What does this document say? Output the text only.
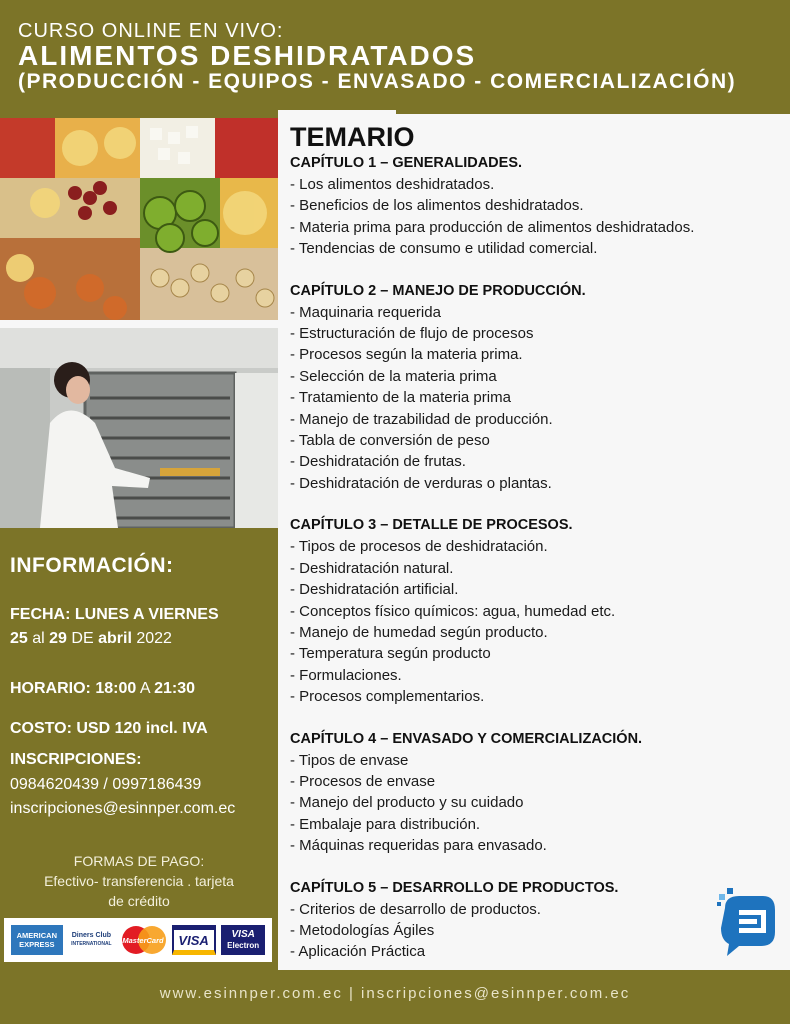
CURSO ONLINE EN VIVO:
ALIMENTOS DESHIDRATADOS
(PRODUCCIÓN - EQUIPOS - ENVASADO - COMERCIALIZACIÓN)
TEMARIO
CAPÍTULO 1 – GENERALIDADES.
- Los alimentos deshidratados.
- Beneficios de los alimentos deshidratados.
- Materia prima para producción de alimentos deshidratados.
- Tendencias de consumo e utilidad comercial.
CAPÍTULO 2 – MANEJO DE PRODUCCIÓN.
- Maquinaria requerida
- Estructuración de flujo de procesos
- Procesos según la materia prima.
- Selección de la materia prima
- Tratamiento de la materia prima
- Manejo de trazabilidad de producción.
- Tabla de conversión de peso
- Deshidratación de frutas.
- Deshidratación de verduras o plantas.
CAPÍTULO 3 – DETALLE DE PROCESOS.
- Tipos de procesos de deshidratación.
- Deshidratación natural.
- Deshidratación artificial.
- Conceptos físico químicos: agua, humedad etc.
- Manejo de humedad según producto.
- Temperatura según producto
- Formulaciones.
- Procesos complementarios.
CAPÍTULO 4 – ENVASADO Y COMERCIALIZACIÓN.
- Tipos de envase
- Procesos de envase
- Manejo del producto y su cuidado
- Embalaje para distribución.
- Máquinas requeridas para envasado.
CAPÍTULO 5 – DESARROLLO DE PRODUCTOS.
- Criterios de desarrollo de productos.
- Metodologías Ágiles
- Aplicación Práctica
INFORMACIÓN:
FECHA: LUNES A VIERNES
25 al 29 DE abril 2022
HORARIO: 18:00 A 21:30
COSTO: USD 120 incl. IVA
INSCRIPCIONES:
0984620439 / 0997186439
inscripciones@esinnper.com.ec
FORMAS DE PAGO:
Efectivo- transferencia . tarjeta
de crédito
AMERICAN
EXPRESS
Diners Club
INTERNATIONAL MasterCard	VISA	VISA
Electron
www.esinnper.com.ec | inscripciones@esinnper.com.ec
